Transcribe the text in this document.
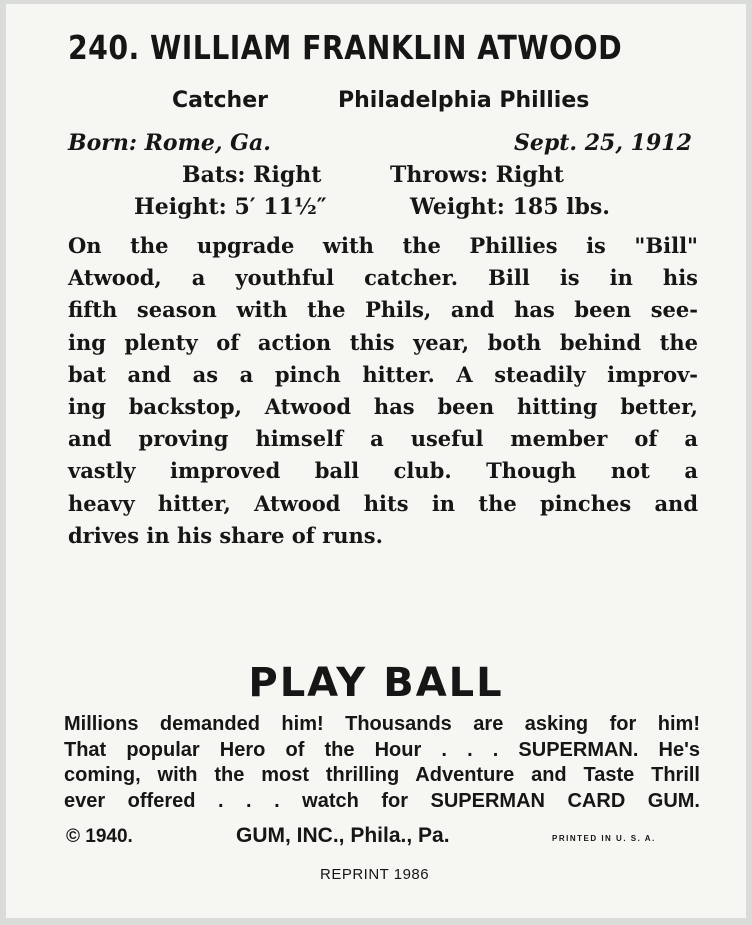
240. WILLIAM FRANKLIN ATWOOD
Catcher	Philadelphia Phillies
Born: Rome, Ga.	Sept. 25, 1912
Bats: Right	Throws: Right
Height: 5′ 11½″	Weight: 185 lbs.
On the upgrade with the Phillies is "Bill"
Atwood, a youthful catcher. Bill is in his
fifth season with the Phils, and has been see-
ing plenty of action this year, both behind the
bat and as a pinch hitter. A steadily improv-
ing backstop, Atwood has been hitting better,
and proving himself a useful member of a
vastly improved ball club. Though not a
heavy hitter, Atwood hits in the pinches and
drives in his share of runs.
PLAY BALL
Millions demanded him! Thousands are asking for him!
That popular Hero of the Hour . . . SUPERMAN. He's
coming, with the most thrilling Adventure and Taste Thrill
ever offered . . . watch for SUPERMAN CARD GUM.
© 1940.	GUM, INC., Phila., Pa.	PRINTED IN U. S. A.
REPRINT 1986
